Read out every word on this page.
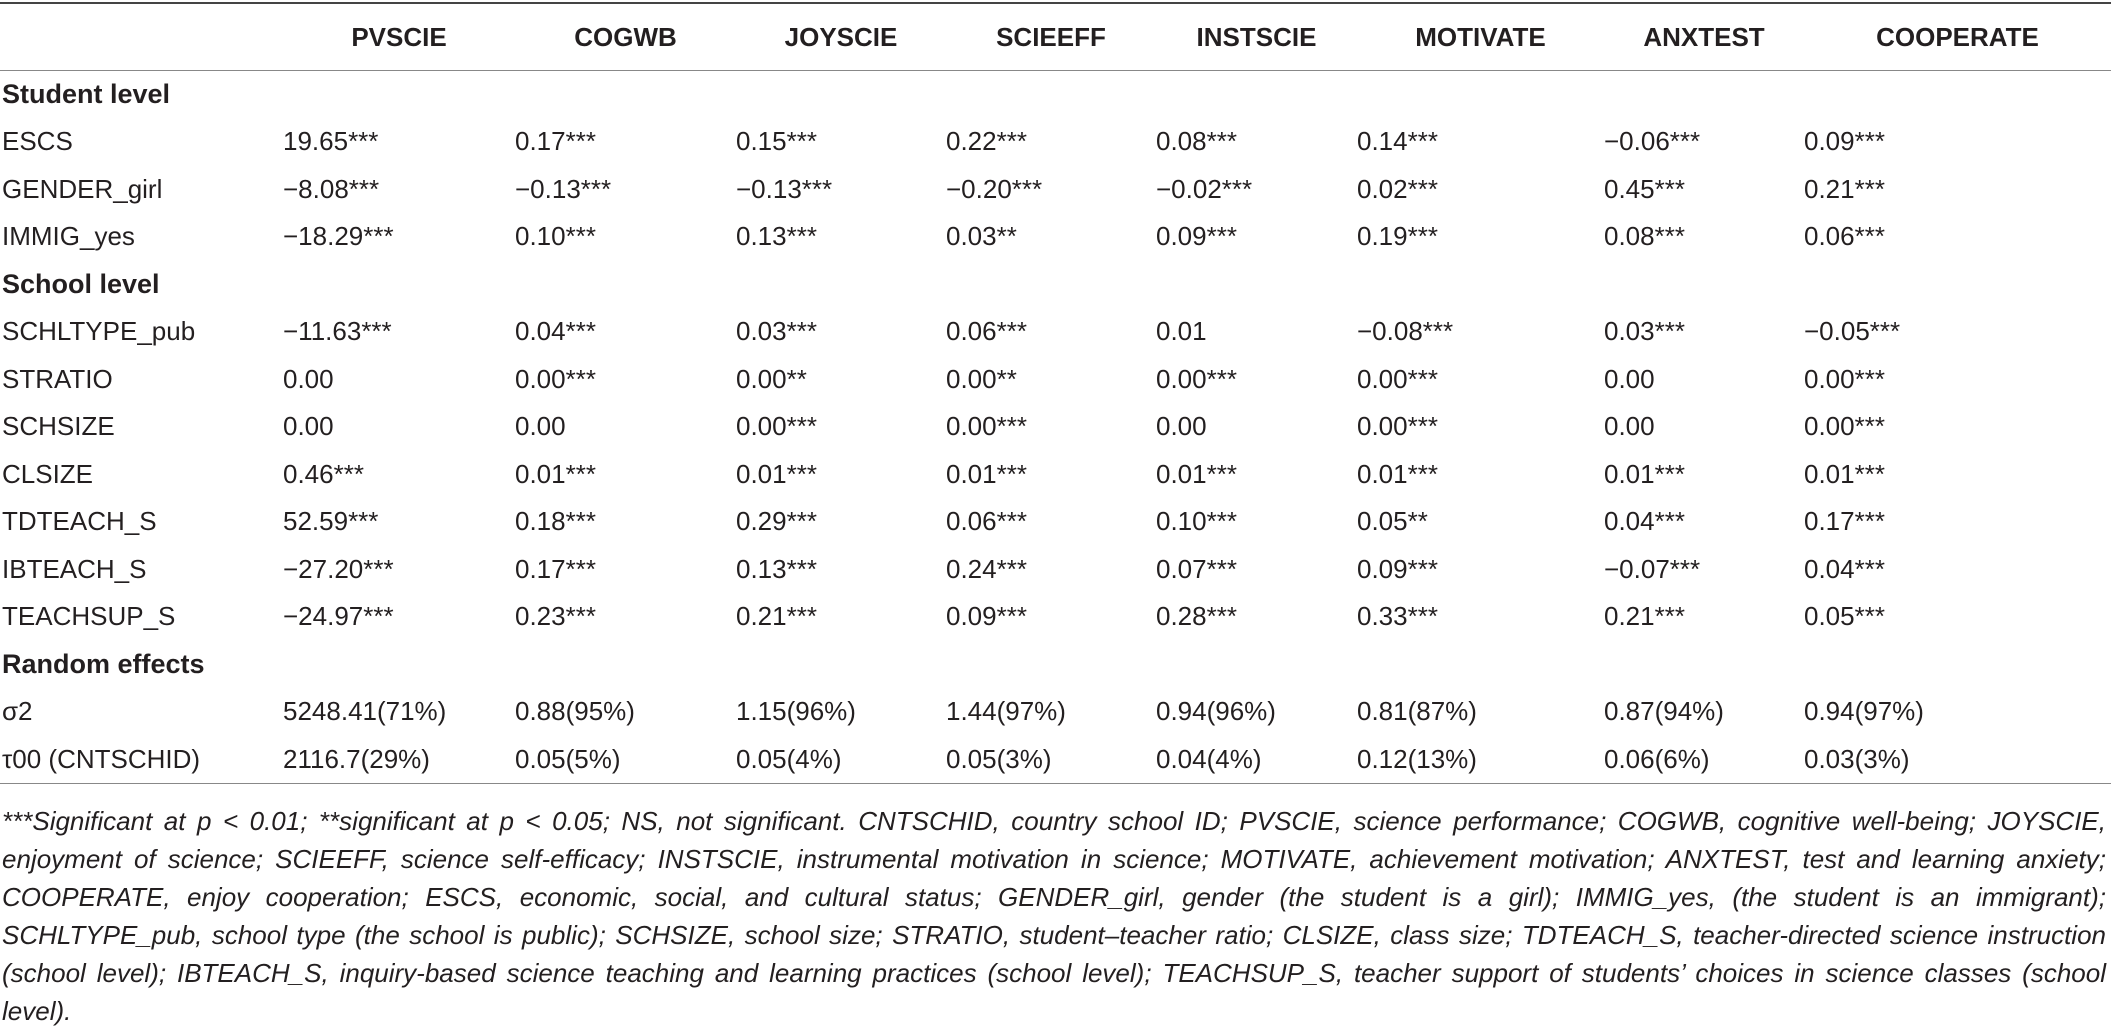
	PVSCIE	COGWB	JOYSCIE	SCIEEFF	INSTSCIE	MOTIVATE	ANXTEST	COOPERATE
Student level								
ESCS	19.65***	0.17***	0.15***	0.22***	0.08***	0.14***	−0.06***	0.09***
GENDER_girl	−8.08***	−0.13***	−0.13***	−0.20***	−0.02***	0.02***	0.45***	0.21***
IMMIG_yes	−18.29***	0.10***	0.13***	0.03**	0.09***	0.19***	0.08***	0.06***
School level								
SCHLTYPE_pub	−11.63***	0.04***	0.03***	0.06***	0.01	−0.08***	0.03***	−0.05***
STRATIO	0.00	0.00***	0.00**	0.00**	0.00***	0.00***	0.00	0.00***
SCHSIZE	0.00	0.00	0.00***	0.00***	0.00	0.00***	0.00	0.00***
CLSIZE	0.46***	0.01***	0.01***	0.01***	0.01***	0.01***	0.01***	0.01***
TDTEACH_S	52.59***	0.18***	0.29***	0.06***	0.10***	0.05**	0.04***	0.17***
IBTEACH_S	−27.20***	0.17***	0.13***	0.24***	0.07***	0.09***	−0.07***	0.04***
TEACHSUP_S	−24.97***	0.23***	0.21***	0.09***	0.28***	0.33***	0.21***	0.05***
Random effects								
σ2	5248.41(71%)	0.88(95%)	1.15(96%)	1.44(97%)	0.94(96%)	0.81(87%)	0.87(94%)	0.94(97%)
τ00 (CNTSCHID)	2116.7(29%)	0.05(5%)	0.05(4%)	0.05(3%)	0.04(4%)	0.12(13%)	0.06(6%)	0.03(3%)

***Significant at p < 0.01; **significant at p < 0.05; NS, not significant. CNTSCHID, country school ID; PVSCIE, science performance; COGWB, cognitive well-being; JOYSCIE, enjoyment of science; SCIEEFF, science self-efficacy; INSTSCIE, instrumental motivation in science; MOTIVATE, achievement motivation; ANXTEST, test and learning anxiety; COOPERATE, enjoy cooperation; ESCS, economic, social, and cultural status; GENDER_girl, gender (the student is a girl); IMMIG_yes, (the student is an immigrant); SCHLTYPE_pub, school type (the school is public); SCHSIZE, school size; STRATIO, student–teacher ratio; CLSIZE, class size; TDTEACH_S, teacher-directed science instruction (school level); IBTEACH_S, inquiry-based science teaching and learning practices (school level); TEACHSUP_S, teacher support of students’ choices in science classes (school level).
